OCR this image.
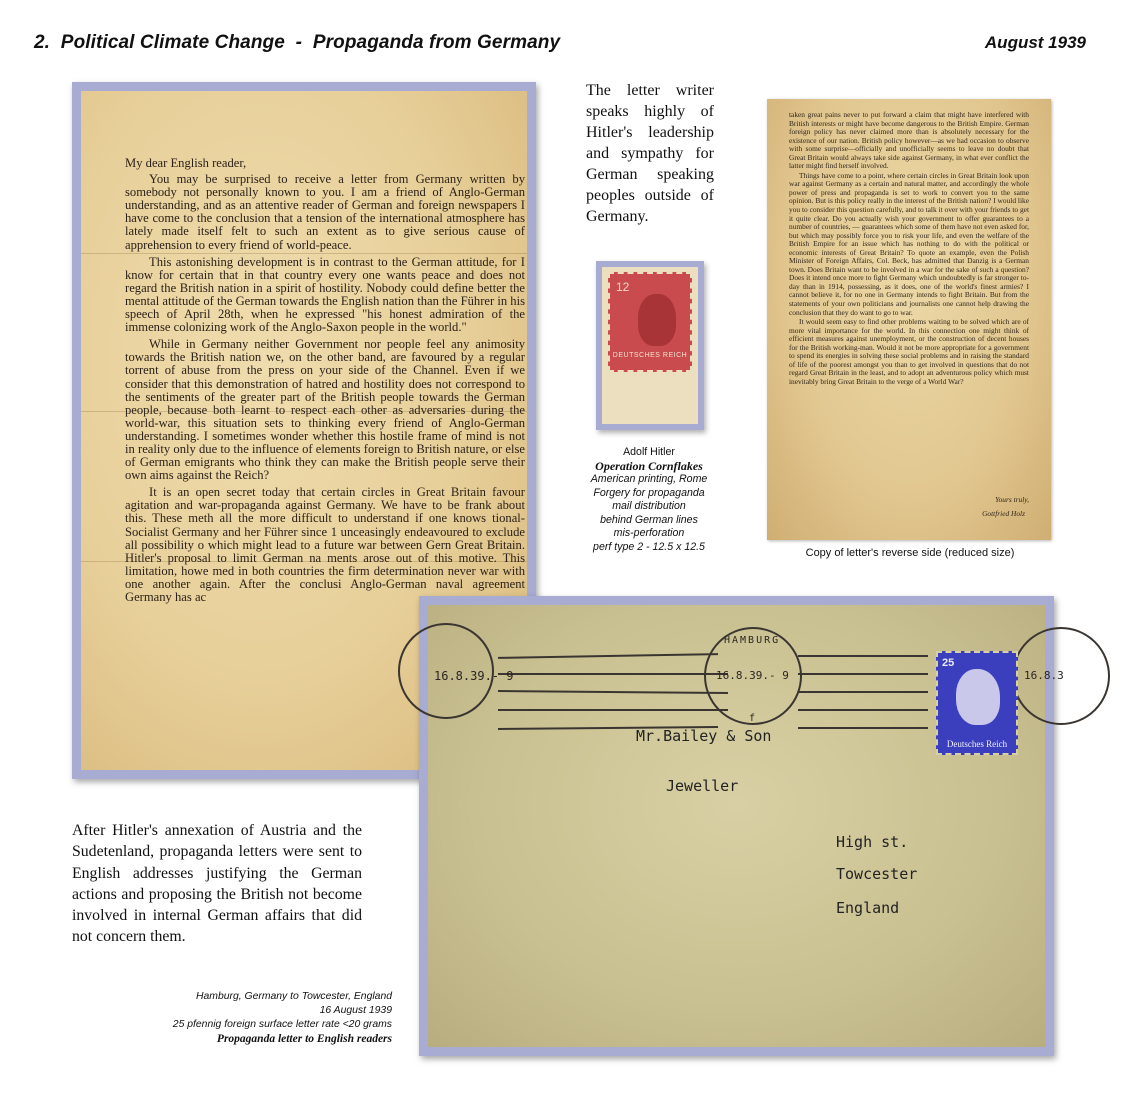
2.  Political Climate Change  -  Propaganda from Germany	August 1939

My dear English reader,

You may be surprised to receive a letter from Germany written by somebody not personally known to you. I am a friend of Anglo-German understanding, and as an attentive reader of German and foreign newspapers I have come to the conclusion that a tension of the international atmosphere has lately made itself felt to such an extent as to give serious cause of apprehension to every friend of world-peace.

This astonishing development is in contrast to the German attitude, for I know for certain that in that country every one wants peace and does not regard the British nation in a spirit of hostility. Nobody could define better the mental attitude of the German towards the English nation than the Führer in his speech of April 28th, when he expressed "his honest admiration of the immense colonizing work of the Anglo-Saxon people in the world."

While in Germany neither Government nor people feel any animosity towards the British nation we, on the other band, are favoured by a regular torrent of abuse from the press on your side of the Channel. Even if we consider that this demonstration of hatred and hostility does not correspond to the sentiments of the greater part of the British people towards the German people, because both learnt to respect each other as adversaries during the world-war, this situation sets to thinking every friend of Anglo-German understanding. I sometimes wonder whether this hostile frame of mind is not in reality only due to the influence of elements foreign to British nature, or else of German emigrants who think they can make the British people serve their own aims against the Reich?

It is an open secret today that certain circles in Great Britain favour agitation and war-propaganda against Germany. We have to be frank about this. These meth all the more difficult to understand if one knows tional-Socialist Germany and her Führer since 1 unceasingly endeavoured to exclude all possibility o which might lead to a future war between Gern Great Britain. Hitler's proposal to limit German na ments arose out of this motive. This limitation, howe med in both countries the firm determination never war with one another again. After the conclusi Anglo-German naval agreement Germany has ac

The letter writer speaks highly of Hitler's leadership and sympathy for German speaking peoples outside of Germany.
12
DEUTSCHES REICH
Adolf Hitler
Operation Cornflakes
American printing, Rome
Forgery for propaganda
mail distribution
behind German lines
mis-perforation
perf type 2 - 12.5 x 12.5

taken great pains never to put forward a claim that might have interfered with British interests or might have become dangerous to the British Empire. German foreign policy has never claimed more than is absolutely necessary for the existence of our nation. British policy however—as we had occasion to observe with some surprise—officially and unofficially seems to leave no doubt that Great Britain would always take side against Germany, in what ever conflict the latter might find herself involved.

Things have come to a point, where certain circles in Great Britain look upon war against Germany as a certain and natural matter, and accordingly the whole power of press and propaganda is set to work to convert you to the same opinion. But is this policy really in the interest of the British nation? I would like you to consider this question carefully, and to talk it over with your friends to get it quite clear. Do you actually wish your government to offer guarantees to a number of countries, — guarantees which some of them have not even asked for, but which may possibly force you to risk your life, and even the welfare of the British Empire for an issue which has nothing to do with the political or economic interests of Great Britain? To quote an example, even the Polish Minister of Foreign Affairs, Col. Beck, has admitted that Danzig is a German town. Does Britain want to be involved in a war for the sake of such a question? Does it intend once more to fight Germany which undoubtedly is far stronger to-day than in 1914, possessing, as it does, one of the world's finest armies? I cannot believe it, for no one in Germany intends to fight Britain. But from the statements of your own politicians and journalists one cannot help drawing the conclusion that they do want to go to war.

It would seem easy to find other problems waiting to be solved which are of more vital importance for the world. In this connection one might think of efficient measures against unemployment, or the construction of decent houses for the British working-man. Would it not be more appropriate for a government to spend its energies in solving these social problems and in raising the standard of life of the poorest amongst you than to get involved in questions that do not regard Great Britain in the least, and to adopt an adventurous policy which must inevitably bring Great Britain to the verge of a World War?

Yours truly,
Gottfried Holz
Copy of letter's reverse side (reduced size)
After Hitler's annexation of Austria and the Sudetenland, propaganda letters were sent to English addresses justifying the German actions and proposing the British not become involved in internal German affairs that did not concern them.
Hamburg, Germany to Towcester, England
16 August 1939
25 pfennig foreign surface letter rate <20 grams
Propaganda letter to English readers
16.8.39.- 9	16.8.39.- 9
HAMBURG
f
16.8.3
25
Deutsches Reich
Mr.Bailey & Son
Jeweller
High st.
Towcester
England
